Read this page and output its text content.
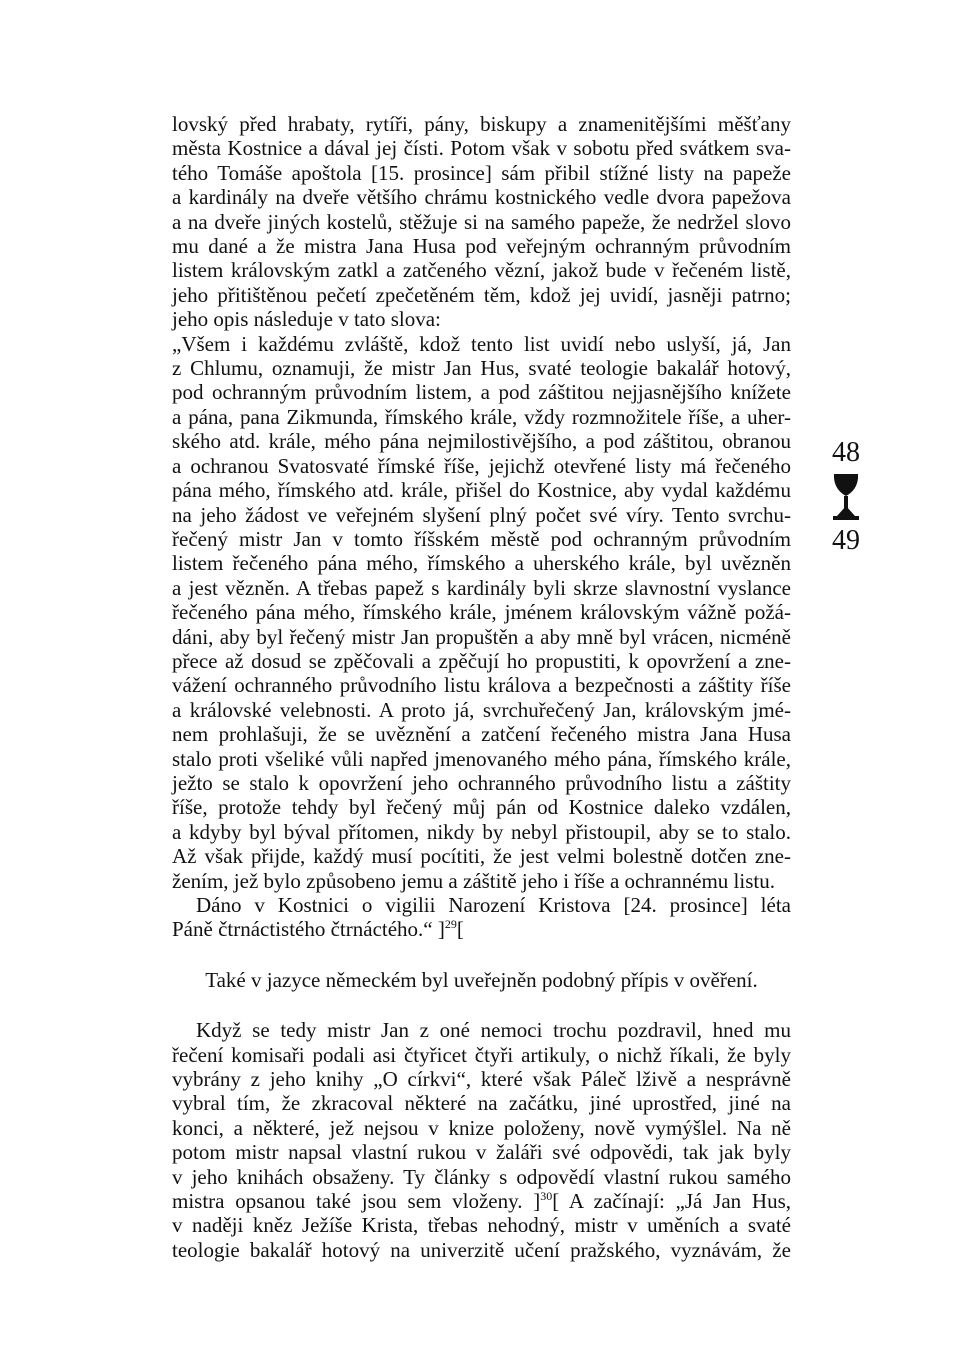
lovský před hrabaty, rytíři, pány, biskupy a znamenitějšími měšťany
města Kostnice a dával jej čísti. Potom však v sobotu před svátkem sva-
tého Tomáše apoštola [15. prosince] sám přibil stížné listy na papeže
a kardinály na dveře většího chrámu kostnického vedle dvora papežova
a na dveře jiných kostelů, stěžuje si na samého papeže, že nedržel slovo
mu dané a že mistra Jana Husa pod veřejným ochranným průvodním
listem královským zatkl a zatčeného vězní, jakož bude v řečeném listě,
jeho přitištěnou pečetí zpečetěném těm, kdož jej uvidí, jasněji patrno;
jeho opis následuje v tato slova:

„Všem i každému zvláště, kdož tento list uvidí nebo uslyší, já, Jan
z Chlumu, oznamuji, že mistr Jan Hus, svaté teologie bakalář hotový,
pod ochranným průvodním listem, a pod záštitou nejjasnějšího knížete
a pána, pana Zikmunda, římského krále, vždy rozmnožitele říše, a uher-
ského atd. krále, mého pána nejmilostivějšího, a pod záštitou, obranou
a ochranou Svatosvaté římské říše, jejichž otevřené listy má řečeného
pána mého, římského atd. krále, přišel do Kostnice, aby vydal každému
na jeho žádost ve veřejném slyšení plný počet své víry. Tento svrchu-
řečený mistr Jan v tomto říšském městě pod ochranným průvodním
listem řečeného pána mého, římského a uherského krále, byl uvězněn
a jest vězněn. A třebas papež s kardinály byli skrze slavnostní vyslance
řečeného pána mého, římského krále, jménem královským vážně požá-
dáni, aby byl řečený mistr Jan propuštěn a aby mně byl vrácen, nicméně
přece až dosud se zpěčovali a zpěčují ho propustiti, k opovržení a zne-
vážení ochranného průvodního listu králova a bezpečnosti a záštity říše
a královské velebnosti. A proto já, svrchuřečený Jan, královským jmé-
nem prohlašuji, že se uvěznění a zatčení řečeného mistra Jana Husa
stalo proti všeliké vůli napřed jmenovaného mého pána, římského krále,
ježto se stalo k opovržení jeho ochranného průvodního listu a záštity
říše, protože tehdy byl řečený můj pán od Kostnice daleko vzdálen,
a kdyby byl býval přítomen, nikdy by nebyl přistoupil, aby se to stalo.
Až však přijde, každý musí pocítiti, že jest velmi bolestně dotčen zne-
žením, jež bylo způsobeno jemu a záštitě jeho i říše a ochrannému listu.

Dáno v Kostnici o vigilii Narození Kristova [24. prosince] léta

Páně čtrnáctistého čtrnáctého.“ ]$^{29}$[

Také v jazyce německém byl uveřejněn podobný přípis v ověření.

Když se tedy mistr Jan z oné nemoci trochu pozdravil, hned mu
řečení komisaři podali asi čtyřicet čtyři artikuly, o nichž říkali, že byly
vybrány z jeho knihy „O církvi“, které však Páleč lživě a nesprávně
vybral tím, že zkracoval některé na začátku, jiné uprostřed, jiné na
konci, a některé, jež nejsou v knize položeny, nově vymýšlel. Na ně
potom mistr napsal vlastní rukou v žaláři své odpovědi, tak jak byly
v jeho knihách obsaženy. Ty články s odpovědí vlastní rukou samého

mistra opsanou také jsou sem vloženy. ]$^{30}$[ A začínají: „Já Jan Hus,

v naději kněz Ježíše Krista, třebas nehodný, mistr v uměních a svaté
teologie bakalář hotový na univerzitě učení pražského, vyznávám, že

48
49
